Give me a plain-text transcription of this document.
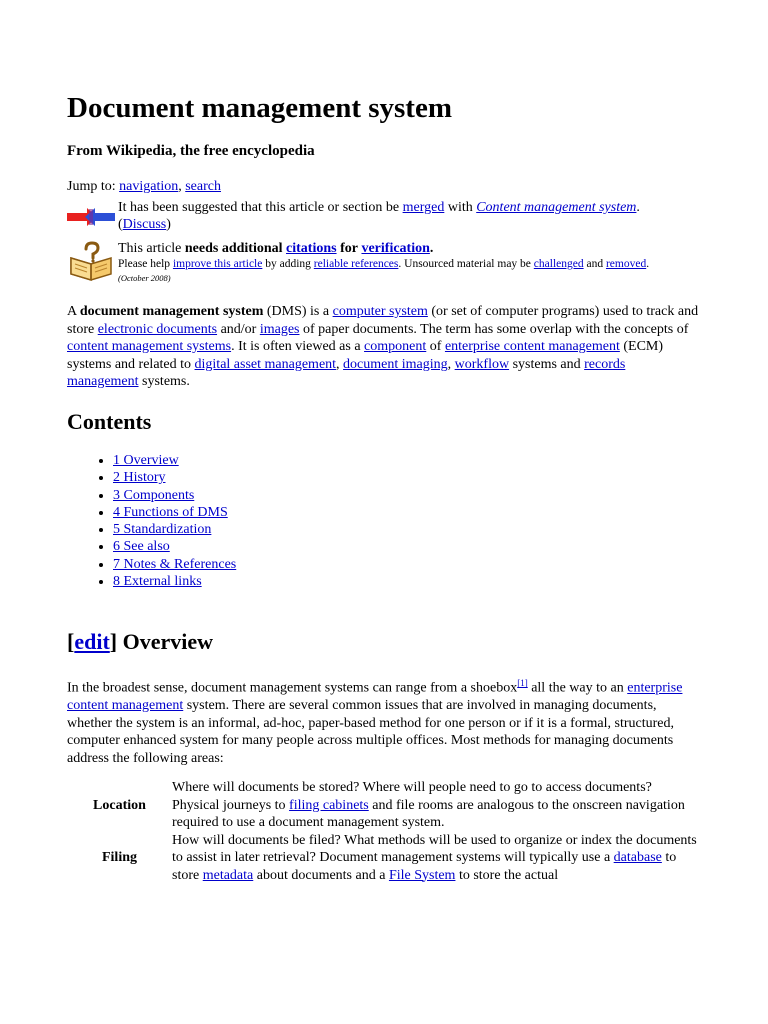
Document management system
From Wikipedia, the free encyclopedia
Jump to: navigation, search
It has been suggested that this article or section be merged with Content management system.
(Discuss)
This article needs additional citations for verification.
Please help improve this article by adding reliable references. Unsourced material may be challenged and removed.
(October 2008)

A document management system (DMS) is a computer system (or set of computer programs) used to track and store electronic documents and/or images of paper documents. The term has some overlap with the concepts of content management systems. It is often viewed as a component of enterprise content management (ECM) systems and related to digital asset management, document imaging, workflow systems and records management systems.

Contents
• 1 Overview
• 2 History
• 3 Components
• 4 Functions of DMS
• 5 Standardization
• 6 See also
• 7 Notes & References
• 8 External links
[edit] Overview

In the broadest sense, document management systems can range from a shoebox[1] all the way to an enterprise content management system. There are several common issues that are involved in managing documents, whether the system is an informal, ad-hoc, paper-based method for one person or if it is a formal, structured, computer enhanced system for many people across multiple offices. Most methods for managing documents address the following areas:

Location	Where will documents be stored? Where will people need to go to access documents? Physical journeys to filing cabinets and file rooms are analogous to the onscreen navigation required to use a document management system.
Filing	How will documents be filed? What methods will be used to organize or index the documents to assist in later retrieval? Document management systems will typically use a database to store metadata about documents and a File System to store the actual
